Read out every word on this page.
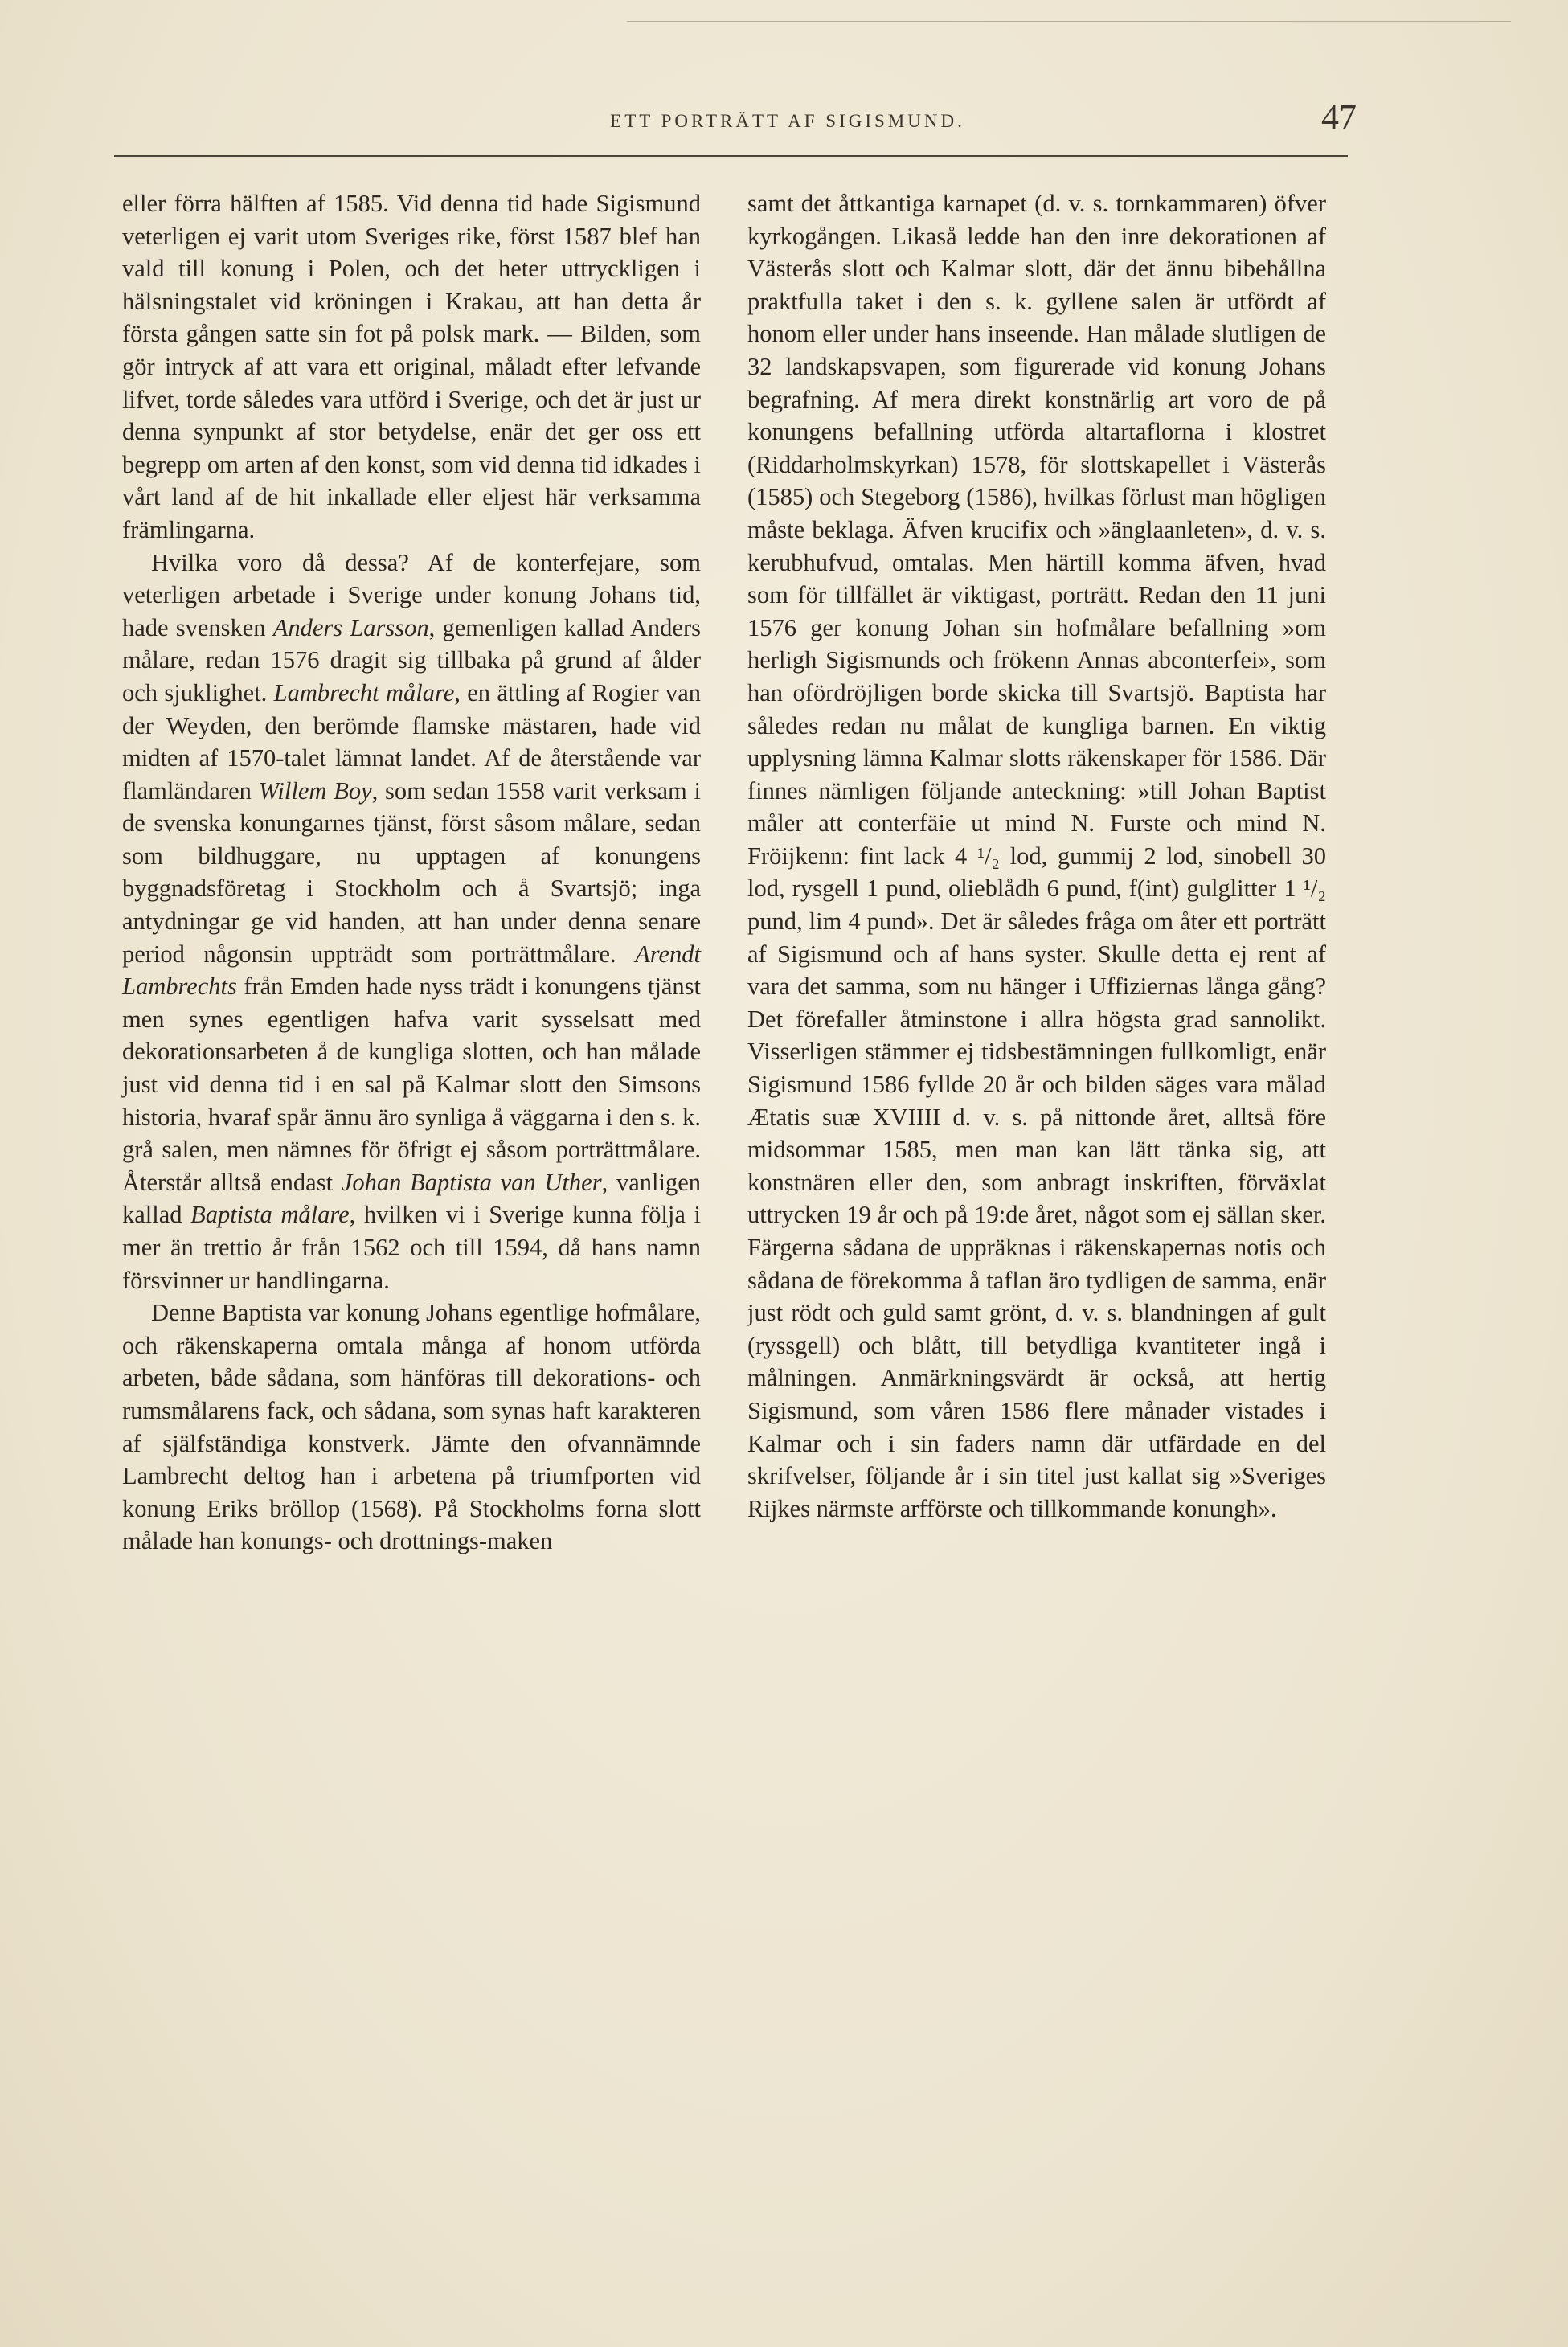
ETT PORTRÄTT AF SIGISMUND.	47

eller förra hälften af 1585. Vid denna tid hade Sigismund veterligen ej varit utom Sveriges rike, först 1587 blef han vald till konung i Polen, och det heter uttryckligen i hälsningstalet vid kröningen i Krakau, att han detta år första gången satte sin fot på polsk mark. — Bilden, som gör intryck af att vara ett original, måladt efter lefvande lifvet, torde således vara utförd i Sverige, och det är just ur denna synpunkt af stor betydelse, enär det ger oss ett begrepp om arten af den konst, som vid denna tid idkades i vårt land af de hit inkallade eller eljest här verksamma främlingarna.

Hvilka voro då dessa? Af de konterfejare, som veterligen arbetade i Sverige under konung Johans tid, hade svensken Anders Larsson, gemenligen kallad Anders målare, redan 1576 dragit sig tillbaka på grund af ålder och sjuklighet. Lambrecht målare, en ättling af Rogier van der Weyden, den berömde flamske mästaren, hade vid midten af 1570-talet lämnat landet. Af de återstående var flamländaren Willem Boy, som sedan 1558 varit verksam i de svenska konungarnes tjänst, först såsom målare, sedan som bildhuggare, nu upptagen af konungens byggnadsföretag i Stockholm och å Svartsjö; inga antydningar ge vid handen, att han under denna senare period någonsin uppträdt som porträttmålare. Arendt Lambrechts från Emden hade nyss trädt i konungens tjänst men synes egentligen hafva varit sysselsatt med dekorationsarbeten å de kungliga slotten, och han målade just vid denna tid i en sal på Kalmar slott den Simsons historia, hvaraf spår ännu äro synliga å väggarna i den s. k. grå salen, men nämnes för öfrigt ej såsom porträttmålare. Återstår alltså endast Johan Baptista van Uther, vanligen kallad Baptista målare, hvilken vi i Sverige kunna följa i mer än trettio år från 1562 och till 1594, då hans namn försvinner ur handlingarna.

Denne Baptista var konung Johans egentlige hofmålare, och räkenskaperna omtala många af honom utförda arbeten, både sådana, som hänföras till dekorations- och rumsmålarens fack, och sådana, som synas haft karakteren af själfständiga konstverk. Jämte den ofvannämnde Lambrecht deltog han i arbetena på triumfporten vid konung Eriks bröllop (1568). På Stockholms forna slott målade han konungs- och drottnings-maken

samt det åttkantiga karnapet (d. v. s. tornkammaren) öfver kyrkogången. Likaså ledde han den inre dekorationen af Västerås slott och Kalmar slott, där det ännu bibehållna praktfulla taket i den s. k. gyllene salen är utfördt af honom eller under hans inseende. Han målade slutligen de 32 landskapsvapen, som figurerade vid konung Johans begrafning. Af mera direkt konstnärlig art voro de på konungens befallning utförda altartaflorna i klostret (Riddarholmskyrkan) 1578, för slottskapellet i Västerås (1585) och Stegeborg (1586), hvilkas förlust man högligen måste beklaga. Äfven krucifix och »änglaanleten», d. v. s. kerubhufvud, omtalas. Men härtill komma äfven, hvad som för tillfället är viktigast, porträtt. Redan den 11 juni 1576 ger konung Johan sin hofmålare befallning »om herligh Sigismunds och frökenn Annas abconterfei», som han ofördröjligen borde skicka till Svartsjö. Baptista har således redan nu målat de kungliga barnen. En viktig upplysning lämna Kalmar slotts räkenskaper för 1586. Där finnes nämligen följande anteckning: »till Johan Baptist måler att conterfäie ut mind N. Furste och mind N. Fröijkenn: fint lack 4 ¹/₂ lod, gummij 2 lod, sinobell 30 lod, rysgell 1 pund, olieblådh 6 pund, f(int) gulglitter 1 ¹/₂ pund, lim 4 pund». Det är således fråga om åter ett porträtt af Sigismund och af hans syster. Skulle detta ej rent af vara det samma, som nu hänger i Uffiziernas långa gång? Det förefaller åtminstone i allra högsta grad sannolikt. Visserligen stämmer ej tidsbestämningen fullkomligt, enär Sigismund 1586 fyllde 20 år och bilden säges vara målad Ætatis suæ XVIIII d. v. s. på nittonde året, alltså före midsommar 1585, men man kan lätt tänka sig, att konstnären eller den, som anbragt inskriften, förväxlat uttrycken 19 år och på 19:de året, något som ej sällan sker. Färgerna sådana de uppräknas i räkenskapernas notis och sådana de förekomma å taflan äro tydligen de samma, enär just rödt och guld samt grönt, d. v. s. blandningen af gult (ryssgell) och blått, till betydliga kvantiteter ingå i målningen. Anmärkningsvärdt är också, att hertig Sigismund, som våren 1586 flere månader vistades i Kalmar och i sin faders namn där utfärdade en del skrifvelser, följande år i sin titel just kallat sig »Sveriges Rijkes närmste arfförste och tillkommande konungh».
